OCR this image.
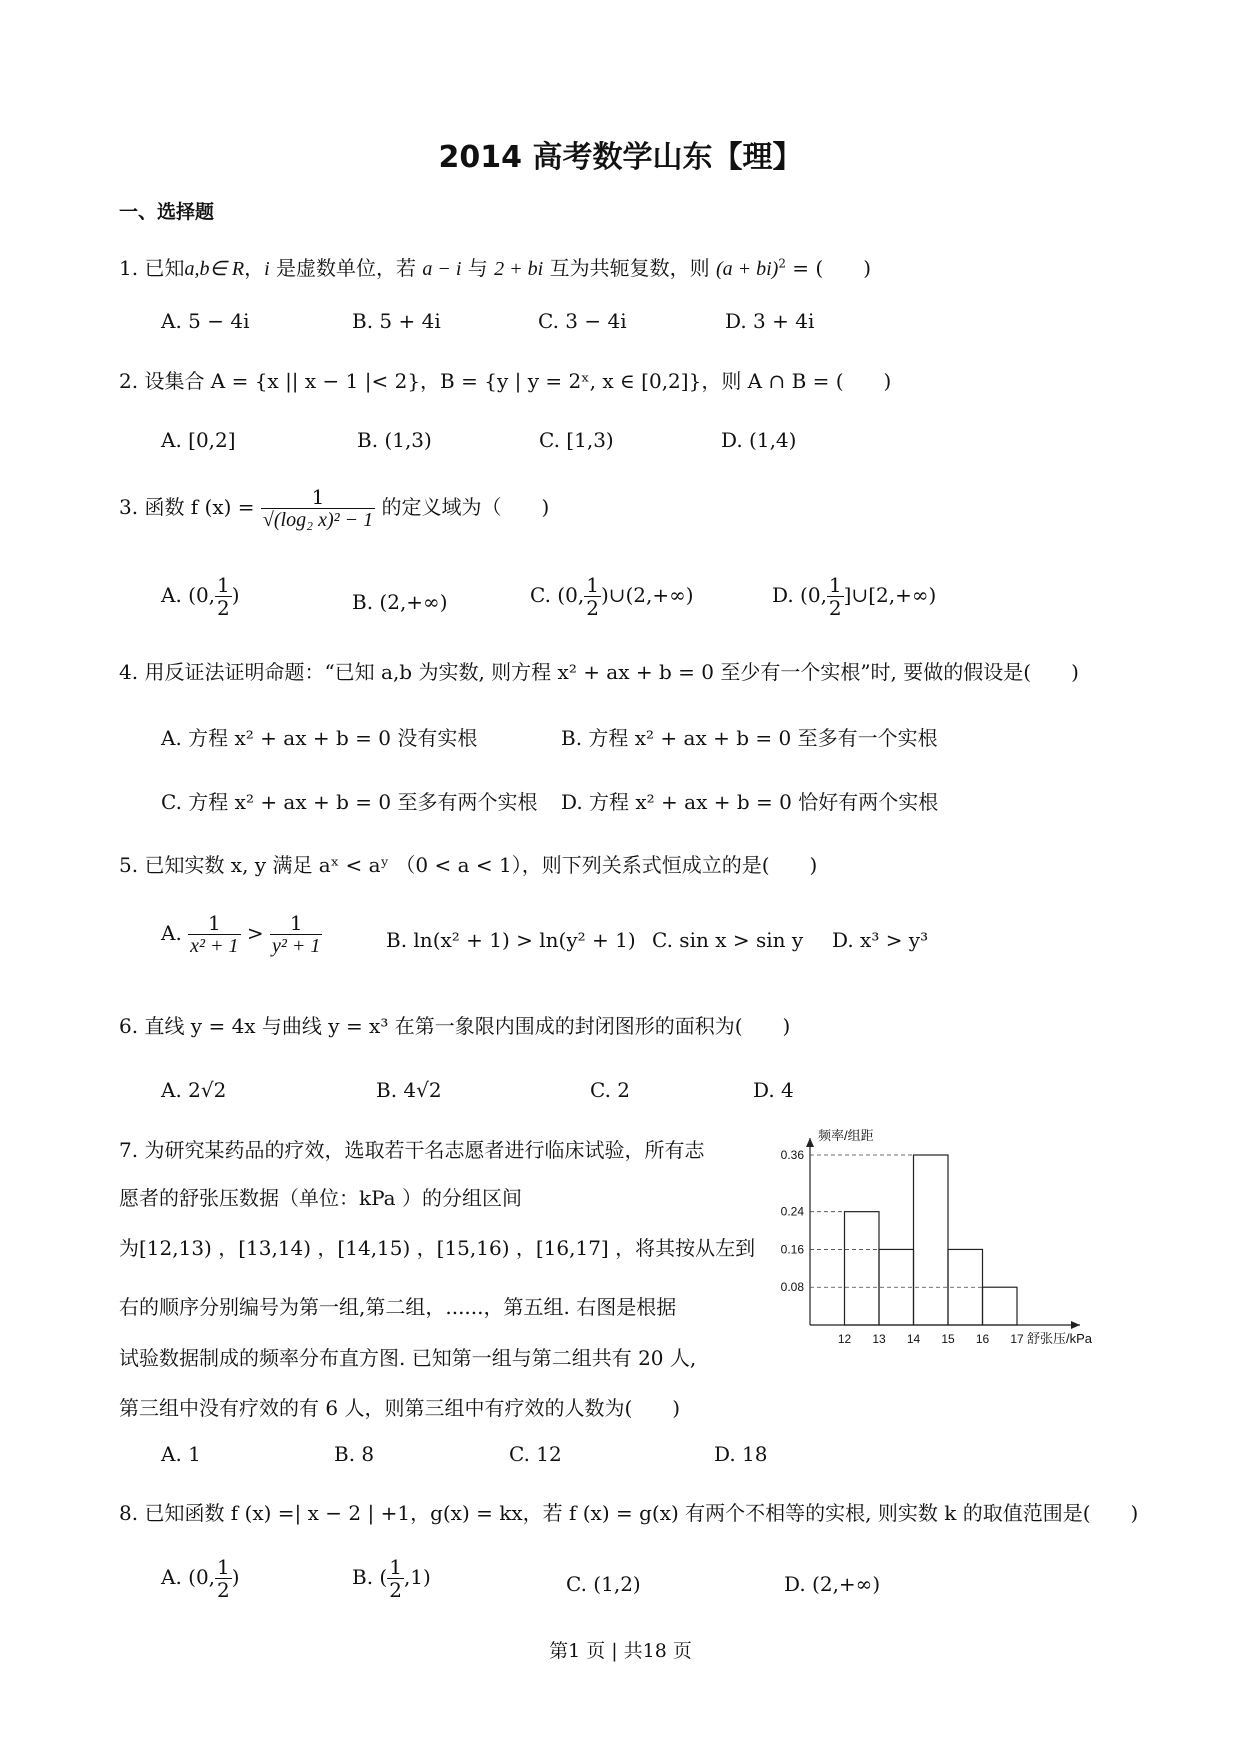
2014 高考数学山东【理】
一、选择题
1. 已知a,b∈ R，i 是虚数单位，若 a − i 与 2 + bi 互为共轭复数，则 (a + bi)$^2$ = (　　)
A. 5 − 4i	B. 5 + 4i	C. 3 − 4i	D. 3 + 4i
2. 设集合 A = {x || x − 1 |< 2}，B = {y | y = 2ˣ, x ∈ [0,2]}，则 A ∩ B = (　　)
A. [0,2]	B. (1,3)	C. [1,3)	D. (1,4)
3. 函数 f $(x) = \frac{1}{\text{√(log₂ x)² − 1}}$ 的定义域为（　　)
A. (0, $\frac{1}{2}$ )	B. (2,+∞)	C. (0, $\frac{1}{2}$ )∪(2,+∞)	D. (0, $\frac{1}{2}$ ]∪[2,+∞)
4. 用反证法证明命题：“已知 a,b 为实数, 则方程 x² + ax + b = 0 至少有一个实根”时, 要做的假设是(　　)
A. 方程 x² + ax + b = 0 没有实根	B. 方程 x² + ax + b = 0 至多有一个实根
C. 方程 x² + ax + b = 0 至多有两个实根 D. 方程 x² + ax + b = 0 恰好有两个实根
5. 已知实数 x, y 满足 aˣ < aʸ （0 < a < 1），则下列关系式恒成立的是(　　)
A. $\frac{1}{\text{x² + 1}} > \frac{1}{\text{y² + 1}}$	B. ln(x² + 1) > ln(y² + 1) C. sin x > sin y D. x³ > y³
6. 直线 y = 4x 与曲线 y = x³ 在第一象限内围成的封闭图形的面积为(　　)
A. 2√2	B. 4√2	C. 2	D. 4
7. 为研究某药品的疗效，选取若干名志愿者进行临床试验，所有志
愿者的舒张压数据（单位：kPa ）的分组区间
为[12,13) ，[13,14) ，[14,15) ，[15,16) ，[16,17] ，将其按从左到
右的顺序分别编号为第一组,第二组，......，第五组. 右图是根据
试验数据制成的频率分布直方图. 已知第一组与第二组共有 20 人,
第三组中没有疗效的有 6 人，则第三组中有疗效的人数为(　　)
A. 1	B. 8	C. 12	D. 18
0.08
0.16
0.24
0.36
12 13 14 15 16 17
频率/组距
舒张压/kPa
8. 已知函数 f (x) =| x − 2 | +1，g(x) = kx，若 f (x) = g(x) 有两个不相等的实根, 则实数 k 的取值范围是(　　)
A. (0, $\frac{1}{2}$ )	B. ( $\frac{1}{2} ,1$)	C. (1,2)	D. (2,+∞)
第1 页 | 共18 页
